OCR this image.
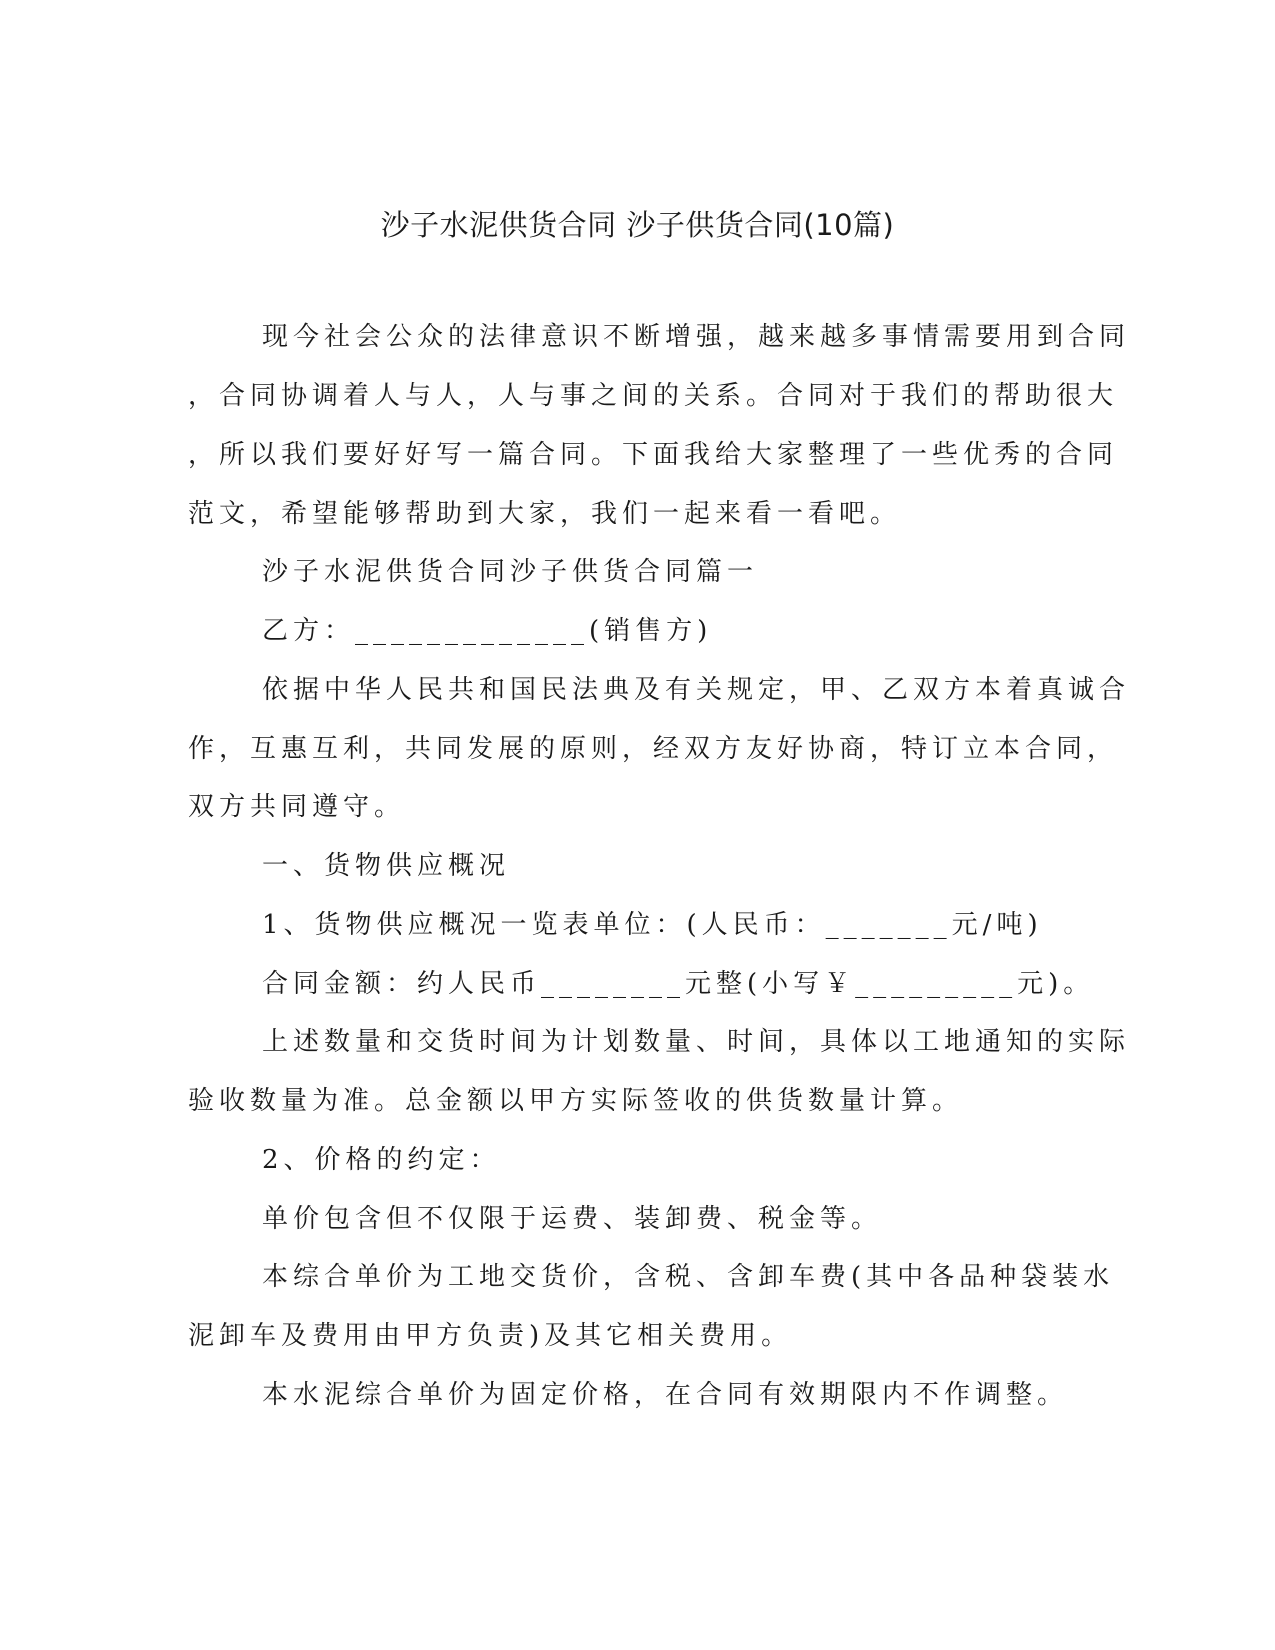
沙子水泥供货合同 沙子供货合同(10篇)
现今社会公众的法律意识不断增强，越来越多事情需要用到合同
，合同协调着人与人，人与事之间的关系。合同对于我们的帮助很大
，所以我们要好好写一篇合同。下面我给大家整理了一些优秀的合同
范文，希望能够帮助到大家，我们一起来看一看吧。
沙子水泥供货合同沙子供货合同篇一
乙方：_____________(销售方)
依据中华人民共和国民法典及有关规定，甲、乙双方本着真诚合
作，互惠互利，共同发展的原则，经双方友好协商，特订立本合同，
双方共同遵守。
一、货物供应概况
1、货物供应概况一览表单位：(人民币：_______元/吨)
合同金额：约人民币________元整(小写￥_________元)。
上述数量和交货时间为计划数量、时间，具体以工地通知的实际
验收数量为准。总金额以甲方实际签收的供货数量计算。
2、价格的约定：
单价包含但不仅限于运费、装卸费、税金等。
本综合单价为工地交货价，含税、含卸车费(其中各品种袋装水
泥卸车及费用由甲方负责)及其它相关费用。
本水泥综合单价为固定价格，在合同有效期限内不作调整。
